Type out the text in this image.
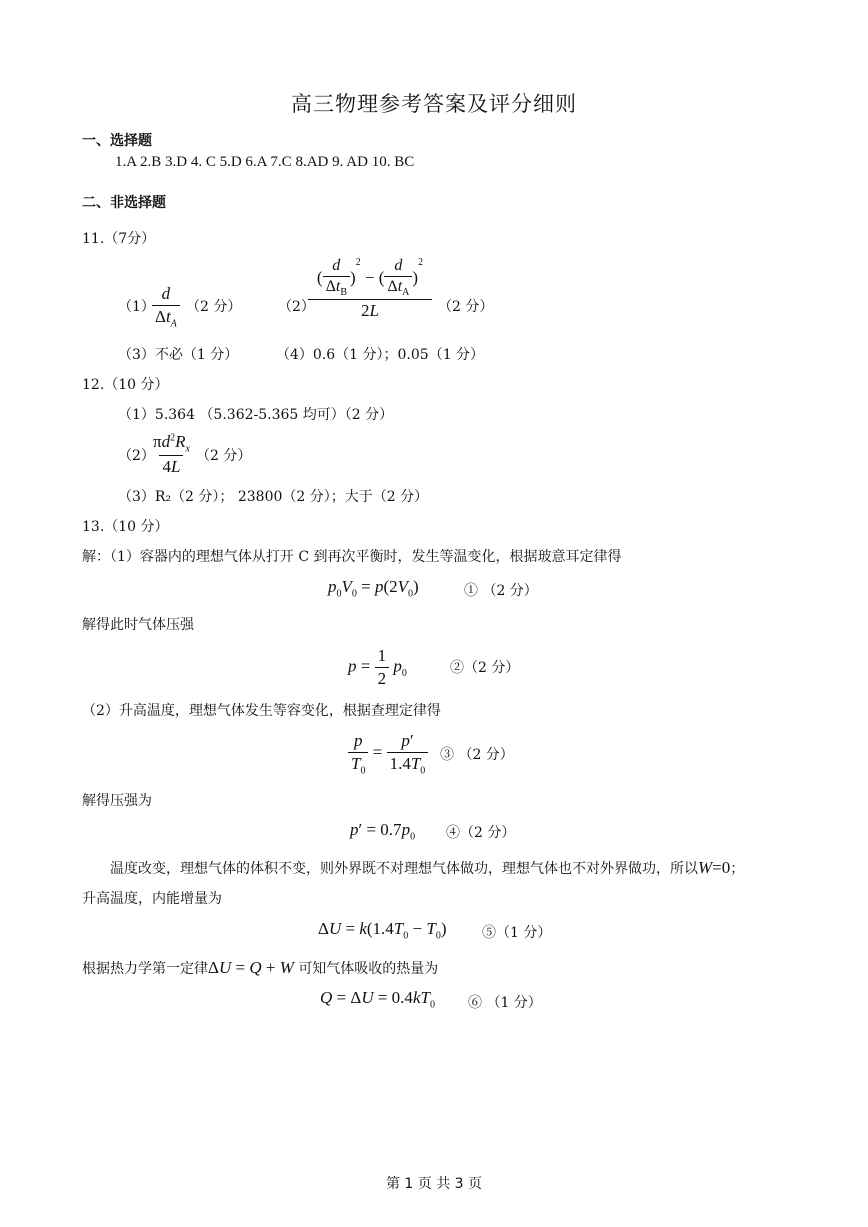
高三物理参考答案及评分细则
一、选择题
1.A 2.B 3.D 4. C 5.D 6.A 7.C 8.AD 9. AD 10. BC
二、非选择题
11.（7分）
（1）
$\frac{d}{\Delta t_A} (2$ 分）	（2）
( $\frac{d}{\Delta t_B}$ )
$^2$
− ( $\frac{d}{\Delta t_A}$ )
$^2$
2L （2 分）
（3）不必（1 分）	（4）0.6（1 分）；0.05（1 分）
12.（10 分）
（1）5.364 （5.362-5.365 均可）（2 分）
（2）
$\frac{\pi d^2R_x}{4L} (2$ 分）
（3）R₂（2 分）； 23800（2 分）；大于（2 分）
13.（10 分）
解：（1）容器内的理想气体从打开 C 到再次平衡时，发生等温变化，根据玻意耳定律得
$p_0V_0 = p(2V_0)$	① （2 分）
解得此时气体压强
$p = \frac{1}{2} p_0$	②（2 分）
（2）升高温度，理想气体发生等容变化，根据查理定律得
$\frac{p}{T_0} = \frac{p'}{1.4T_0}$ ③ （2 分）
解得压强为
$p' = 0.7p_0$ ④（2 分）
温度改变，理想气体的体积不变，则外界既不对理想气体做功，理想气体也不对外界做功，所以W=0；
升高温度，内能增量为
$\Delta U = k(1.4T_0 - T_0)$	⑤（1 分）
根据热力学第一定律ΔU = Q + W 可知气体吸收的热量为
$Q = \Delta U = 0.4kT_0$ ⑥ （1 分）
第 1 页 共 3 页
